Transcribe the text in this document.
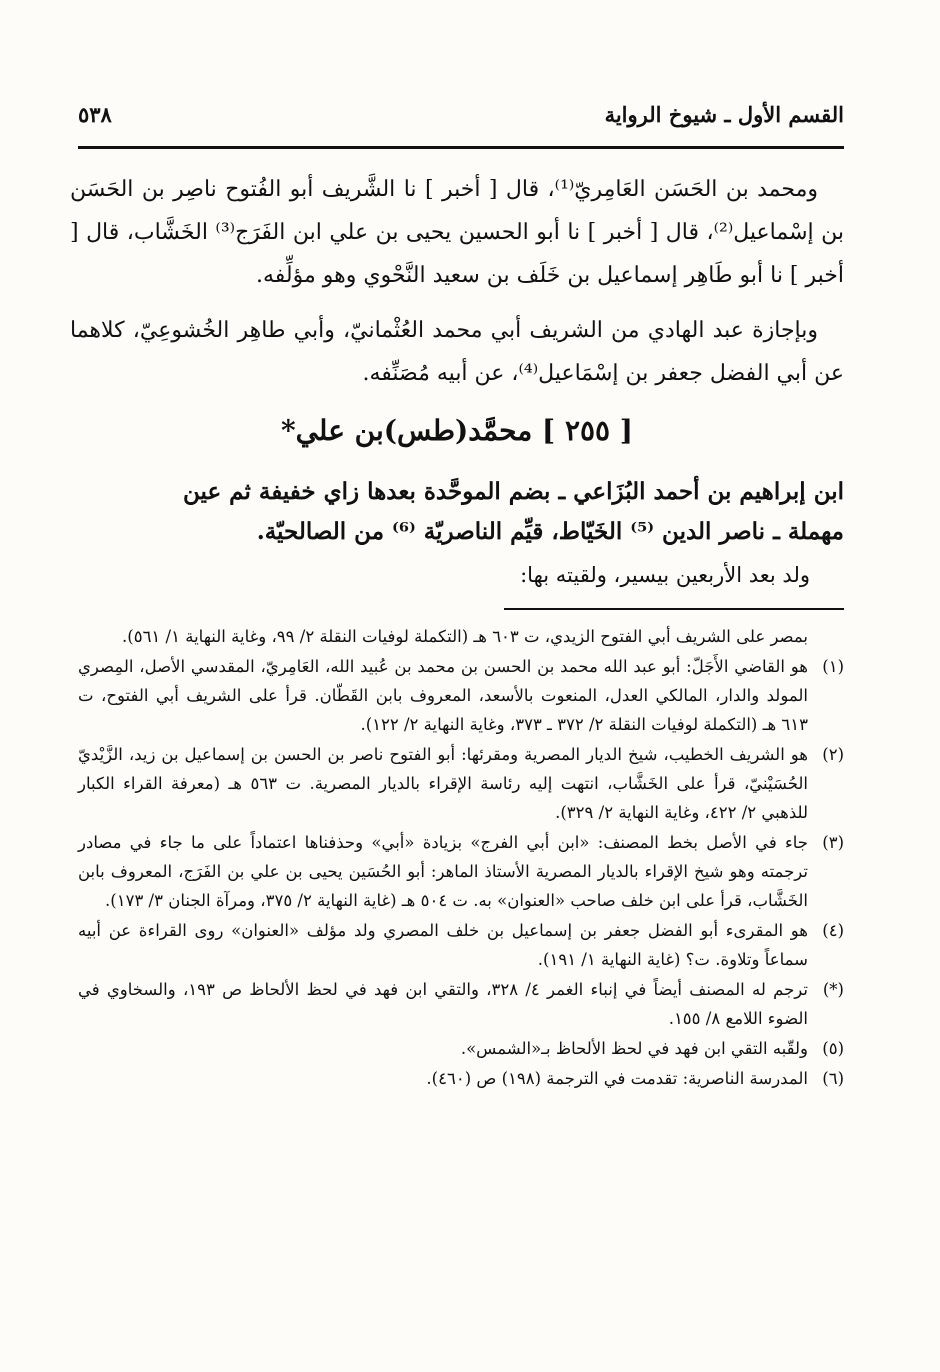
القسم الأول ـ شيوخ الرواية
٥٣٨

ومحمد بن الحَسَن العَامِريّ⁽¹⁾، قال [ أخبر ] نا الشَّريف أبو الفُتوح ناصِر بن الحَسَن بن إسْماعيل⁽²⁾، قال [ أخبر ] نا أبو الحسين يحيى بن علي ابن الفَرَج⁽³⁾ الخَشَّاب، قال [ أخبر ] نا أبو طَاهِر إسماعيل بن خَلَف بن سعيد النَّحْوي وهو مؤلِّفه.

وبإجازة عبد الهادي من الشريف أبي محمد العُثْمانيّ، وأبي طاهِر الخُشوعِيّ، كلاهما عن أبي الفضل جعفر بن إسْمَاعيل⁽⁴⁾، عن أبيه مُصَنِّفه.

[ ٢٥٥ ] محمَّد(طس)بن علي*

ابن إبراهيم بن أحمد البُزَاعي ـ بضم الموحَّدة بعدها زاي خفيفة ثم عين

مهملة ـ ناصر الدين ⁽⁵⁾ الخَيّاط، قيِّم الناصريّة ⁽⁶⁾ من الصالحيّة.

ولد بعد الأربعين بيسير، ولقيته بها:
بمصر على الشريف أبي الفتوح الزيدي، ت ٦٠٣ هـ (التكملة لوفيات النقلة ٢/ ٩٩، وغاية النهاية ١/ ٥٦١).
(١)
هو القاضي الأَجَلّ: أبو عبد الله محمد بن الحسن بن محمد بن عُبيد الله، العَامِريّ، المقدسي الأصل، المِصري المولد والدار، المالكي العدل، المنعوت بالأسعد، المعروف بابن القَطّان. قرأ على الشريف أبي الفتوح، ت ٦١٣ هـ (التكملة لوفيات النقلة ٢/ ٣٧٢ ـ ٣٧٣، وغاية النهاية ٢/ ١٢٢).
(٢)
هو الشريف الخطيب، شيخ الديار المصرية ومقرئها: أبو الفتوح ناصر بن الحسن بن إسماعيل بن زيد، الزَّيْديّ الحُسَيْنيّ، قرأ على الخَشَّاب، انتهت إليه رئاسة الإقراء بالديار المصرية. ت ٥٦٣ هـ (معرفة القراء الكبار للذهبي ٢/ ٤٢٢، وغاية النهاية ٢/ ٣٢٩).
(٣)
جاء في الأصل بخط المصنف: «ابن أبي الفرج» بزيادة «أبي» وحذفناها اعتماداً على ما جاء في مصادر ترجمته وهو شيخ الإقراء بالديار المصرية الأستاذ الماهر: أبو الحُسَين يحيى بن علي بن الفَرَج، المعروف بابن الخَشَّاب، قرأ على ابن خلف صاحب «العنوان» به. ت ٥٠٤ هـ (غاية النهاية ٢/ ٣٧٥، ومرآة الجنان ٣/ ١٧٣).
(٤)
هو المقرىء أبو الفضل جعفر بن إسماعيل بن خلف المصري ولد مؤلف «العنوان» روى القراءة عن أبيه سماعاً وتلاوة. ت؟ (غاية النهاية ١/ ١٩١).
(*)
ترجم له المصنف أيضاً في إنباء الغمر ٤/ ٣٢٨، والتقي ابن فهد في لحظ الألحاظ ص ١٩٣، والسخاوي في الضوء اللامع ٨/ ١٥٥.
(٥)
ولقّبه التقي ابن فهد في لحظ الألحاظ بـ«الشمس».
(٦)
المدرسة الناصرية: تقدمت في الترجمة (١٩٨) ص (٤٦٠).
